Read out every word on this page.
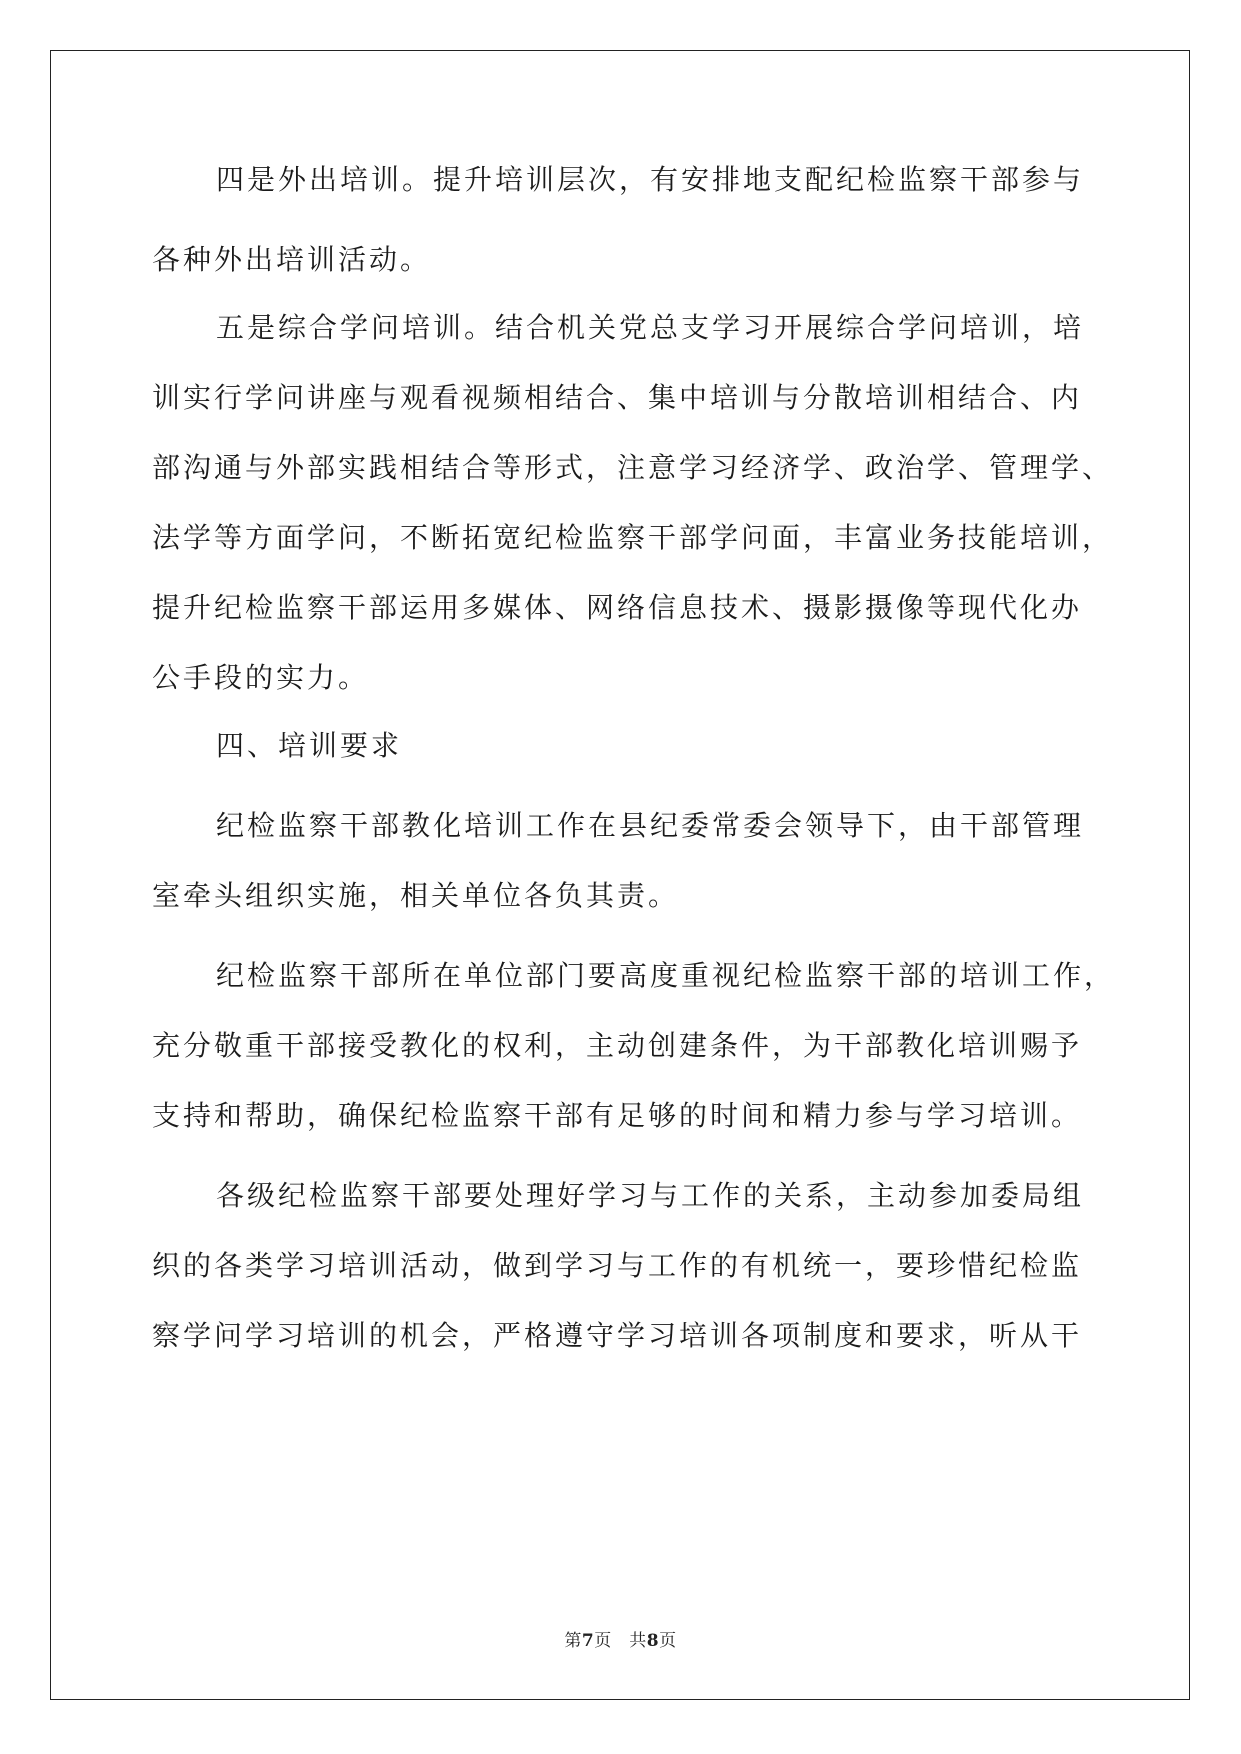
四是外出培训。提升培训层次，有安排地支配纪检监察干部参与
各种外出培训活动。
五是综合学问培训。结合机关党总支学习开展综合学问培训，培
训实行学问讲座与观看视频相结合、集中培训与分散培训相结合、内
部沟通与外部实践相结合等形式，注意学习经济学、政治学、管理学、
法学等方面学问，不断拓宽纪检监察干部学问面，丰富业务技能培训，
提升纪检监察干部运用多媒体、网络信息技术、摄影摄像等现代化办
公手段的实力。
四、培训要求
纪检监察干部教化培训工作在县纪委常委会领导下，由干部管理
室牵头组织实施，相关单位各负其责。
纪检监察干部所在单位部门要高度重视纪检监察干部的培训工作，
充分敬重干部接受教化的权利，主动创建条件，为干部教化培训赐予
支持和帮助，确保纪检监察干部有足够的时间和精力参与学习培训。
各级纪检监察干部要处理好学习与工作的关系，主动参加委局组
织的各类学习培训活动，做到学习与工作的有机统一，要珍惜纪检监
察学问学习培训的机会，严格遵守学习培训各项制度和要求，听从干
第7页　共8页
